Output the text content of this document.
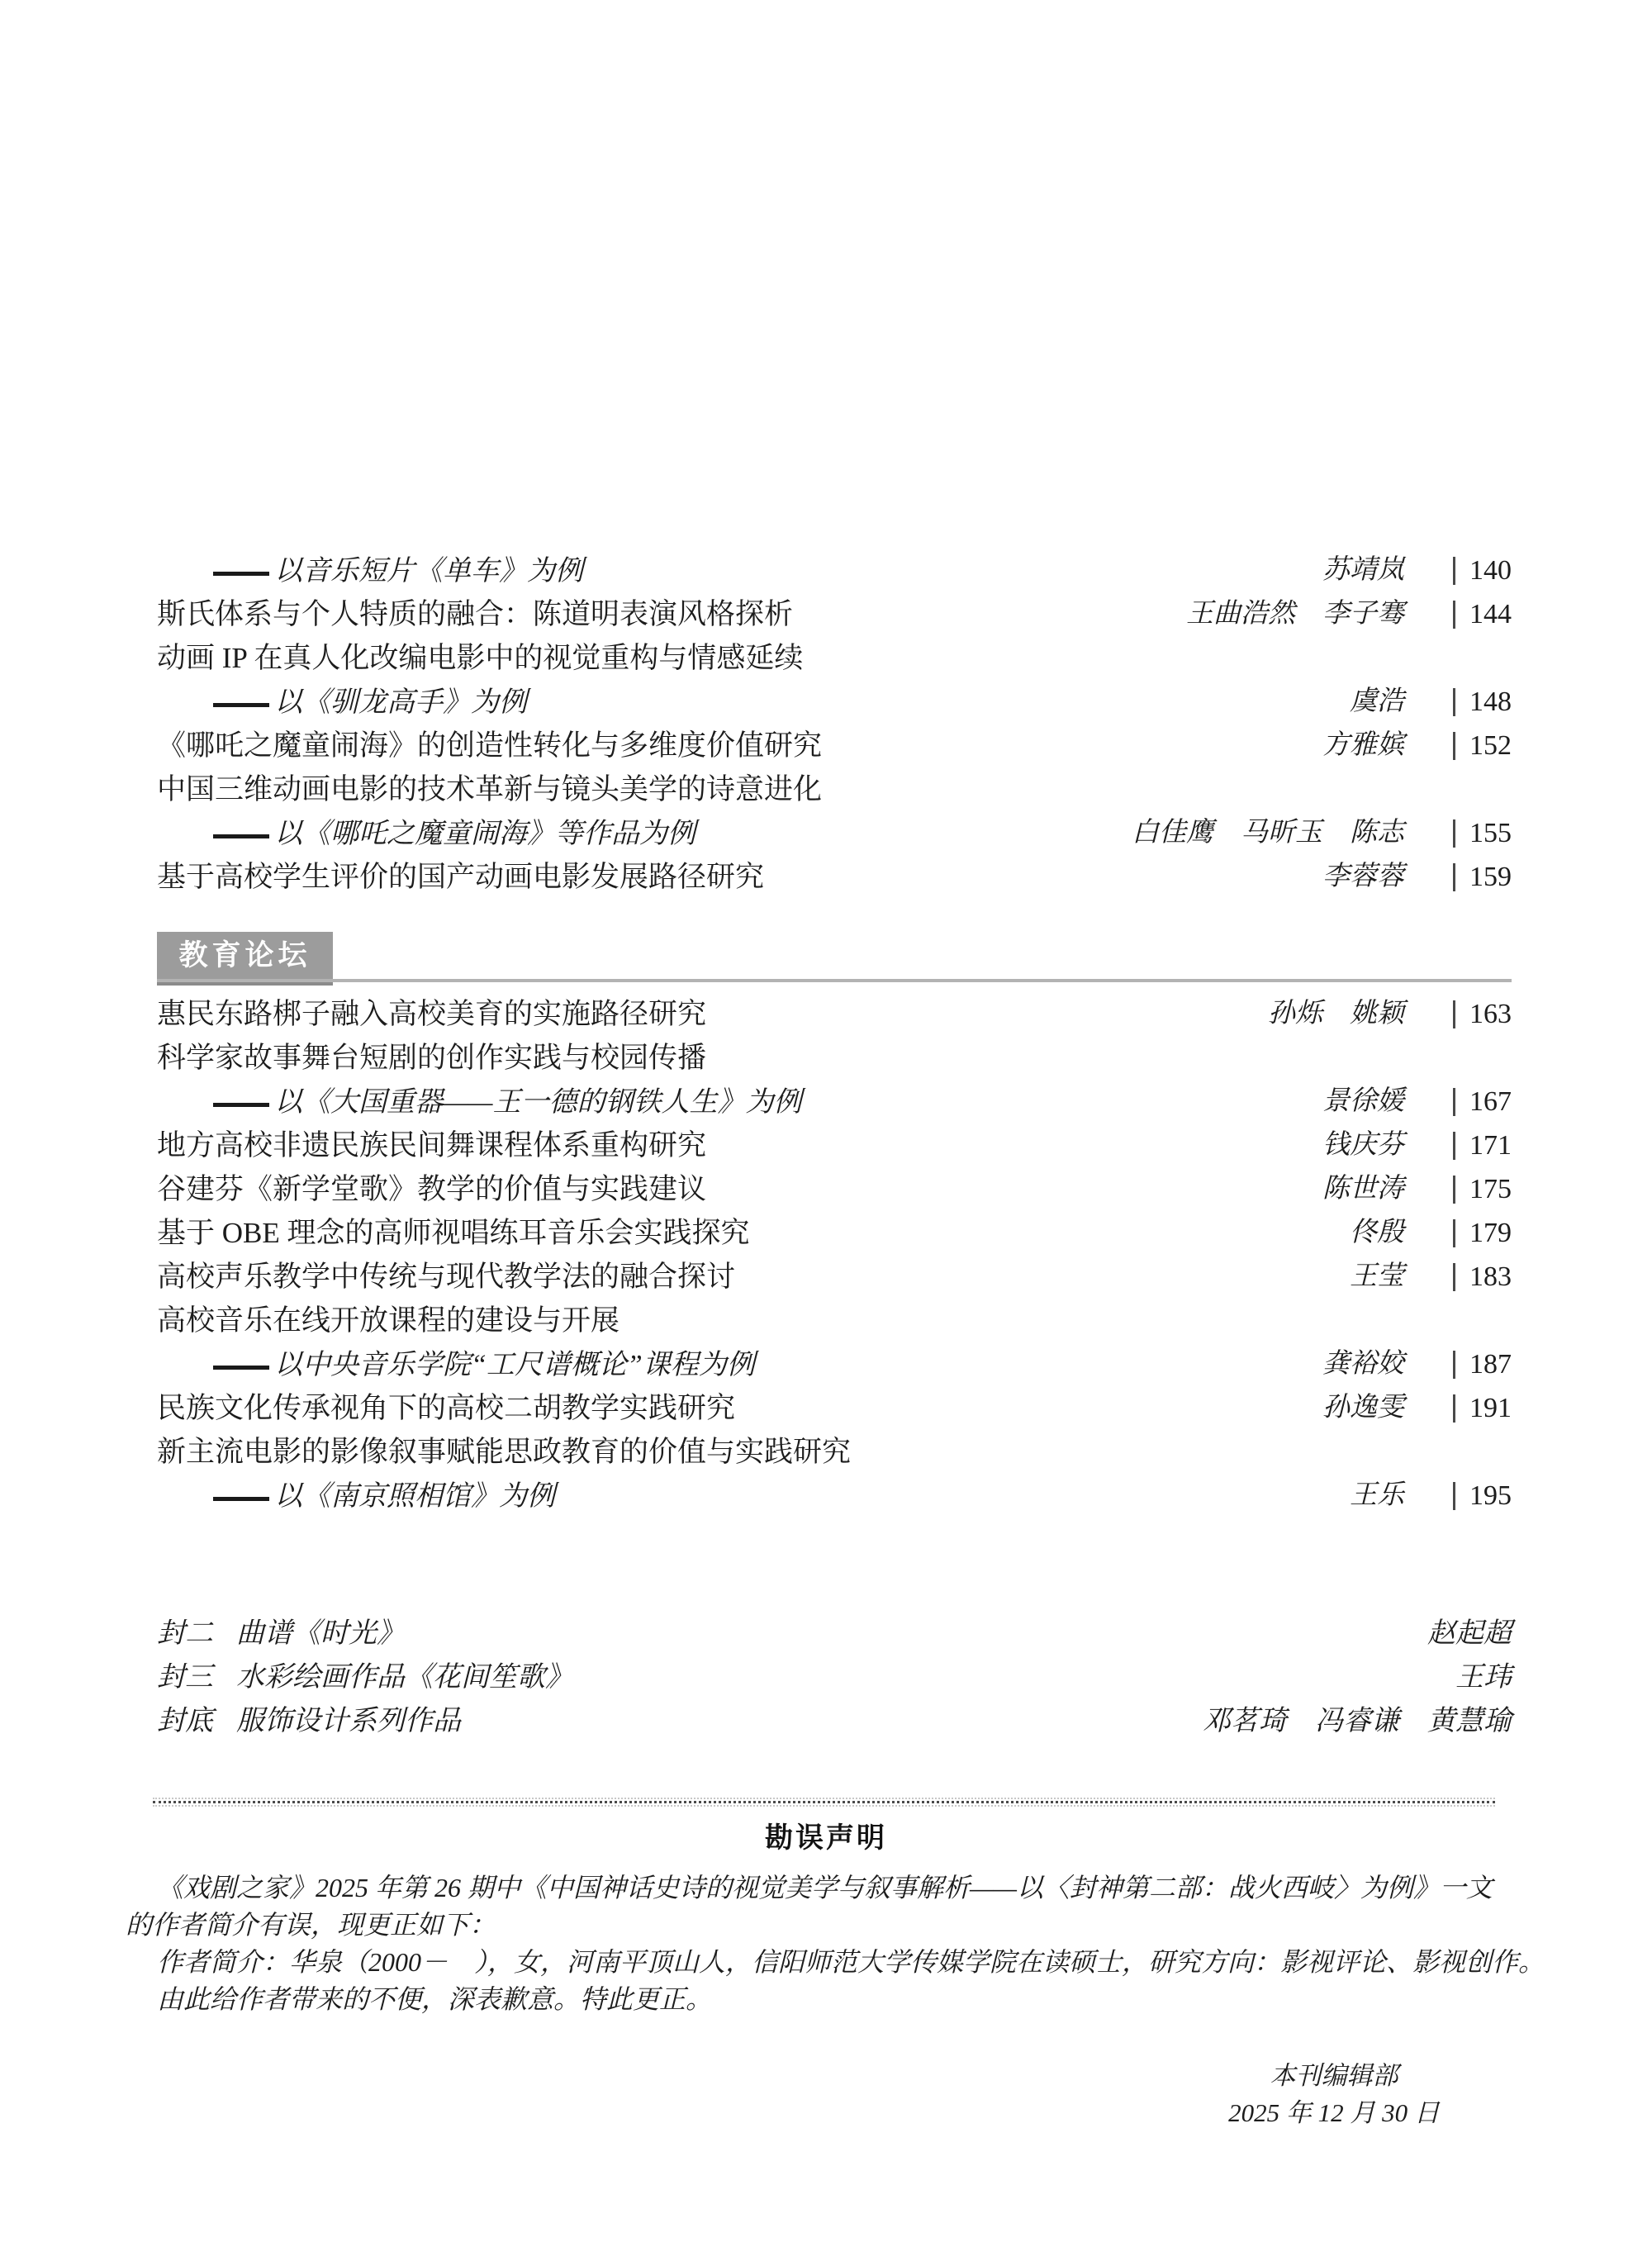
以音乐短片《单车》为例	苏靖岚 140
斯氏体系与个人特质的融合：陈道明表演风格探析	王曲浩然　李子骞 144
动画 IP 在真人化改编电影中的视觉重构与情感延续
以《驯龙高手》为例	虞浩 148
《哪吒之魔童闹海》的创造性转化与多维度价值研究	方雅嫔 152
中国三维动画电影的技术革新与镜头美学的诗意进化
以《哪吒之魔童闹海》等作品为例	白佳鹰　马昕玉　陈志 155
基于高校学生评价的国产动画电影发展路径研究	李蓉蓉 159
教育论坛
惠民东路梆子融入高校美育的实施路径研究	孙烁　姚颖 163
科学家故事舞台短剧的创作实践与校园传播
以《大国重器——王一德的钢铁人生》为例	景徐媛 167
地方高校非遗民族民间舞课程体系重构研究	钱庆芬 171
谷建芬《新学堂歌》教学的价值与实践建议	陈世涛 175
基于 OBE 理念的高师视唱练耳音乐会实践探究	佟殷 179
高校声乐教学中传统与现代教学法的融合探讨	王莹 183
高校音乐在线开放课程的建设与开展
以中央音乐学院“工尺谱概论”课程为例	龚裕姣 187
民族文化传承视角下的高校二胡教学实践研究	孙逸雯 191
新主流电影的影像叙事赋能思政教育的价值与实践研究
以《南京照相馆》为例	王乐 195
封二 曲谱《时光》	赵起超
封三 水彩绘画作品《花间笙歌》	王玮
封底 服饰设计系列作品	邓茗琦　冯睿谦　黄慧瑜
勘误声明
《戏剧之家》2025 年第 26 期中《中国神话史诗的视觉美学与叙事解析——以〈封神第二部：战火西岐〉为例》一文
的作者简介有误，现更正如下：
作者简介：华泉（2000－　），女，河南平顶山人，信阳师范大学传媒学院在读硕士，研究方向：影视评论、影视创作。
由此给作者带来的不便，深表歉意。特此更正。
本刊编辑部
2025 年 12 月 30 日
